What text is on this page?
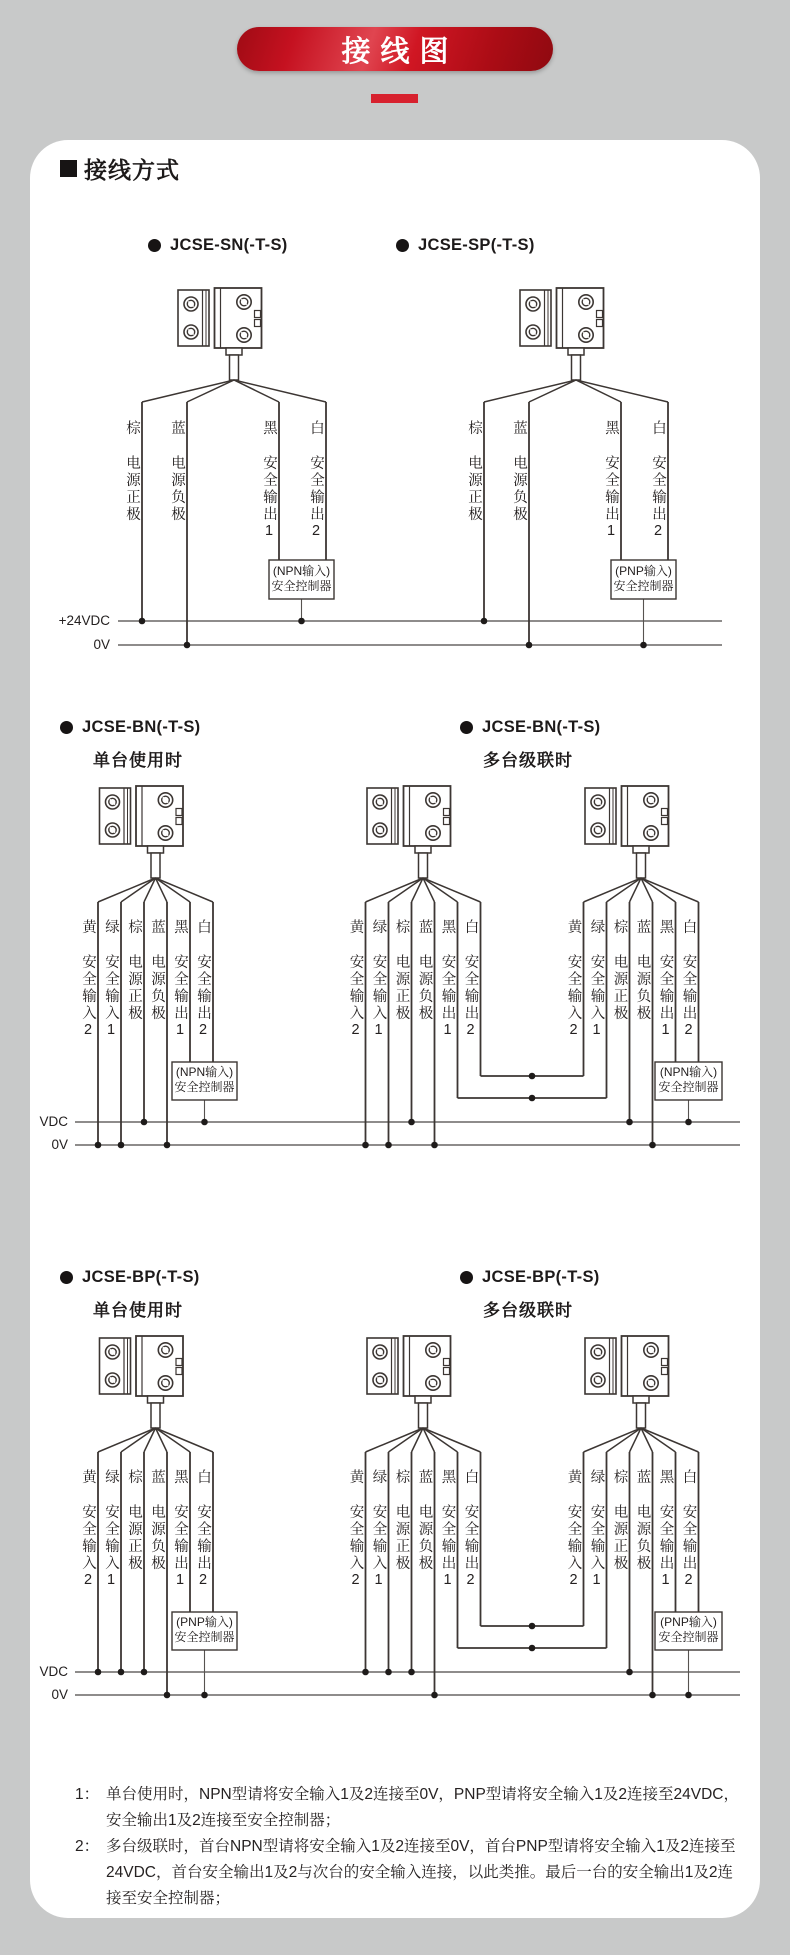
接线图
接线方式
JCSE-SN(-T-S)	JCSE-SP(-T-S)
JCSE-BN(-T-S)
单台使用时
JCSE-BN(-T-S)
多台级联时
JCSE-BP(-T-S)
单台使用时
JCSE-BP(-T-S)
多台级联时
棕
电源正极
蓝
电源负极
黑
安全输出1
白
安全输出2
棕
电源正极
蓝
电源负极
黑
安全输出1
白
安全输出2
黄
安全输入2
绿
安全输入1
棕
电源正极
蓝
电源负极
黑
安全输出1
白
安全输出2
黄
安全输入2
绿
安全输入1
棕
电源正极
蓝
电源负极
黑
安全输出1
白
安全输出2
黄
安全输入2
绿
安全输入1
棕
电源正极
蓝
电源负极
黑
安全输出1
白
安全输出2
黄
安全输入2
绿
安全输入1
棕
电源正极
蓝
电源负极
黑
安全输出1
白
安全输出2
黄
安全输入2
绿
安全输入1
棕
电源正极
蓝
电源负极
黑
安全输出1
白
安全输出2
黄
安全输入2
绿
安全输入1
棕
电源正极
蓝
电源负极
黑
安全输出1
白
安全输出2
(NPN输入)
安全控制器
(PNP输入)
安全控制器
(NPN输入)
安全控制器
(NPN输入)
安全控制器
(PNP输入)
安全控制器
(PNP输入)
安全控制器
+24VDC
0V
VDC
0V
VDC
0V
1： 单台使用时，NPN型请将安全输入1及2连接至0V，PNP型请将安全输入1及2连接至24VDC，安全输出1及2连接至安全控制器；
2： 多台级联时，首台NPN型请将安全输入1及2连接至0V，首台PNP型请将安全输入1及2连接至24VDC，首台安全输出1及2与次台的安全输入连接，以此类推。最后一台的安全输出1及2连接至安全控制器；
